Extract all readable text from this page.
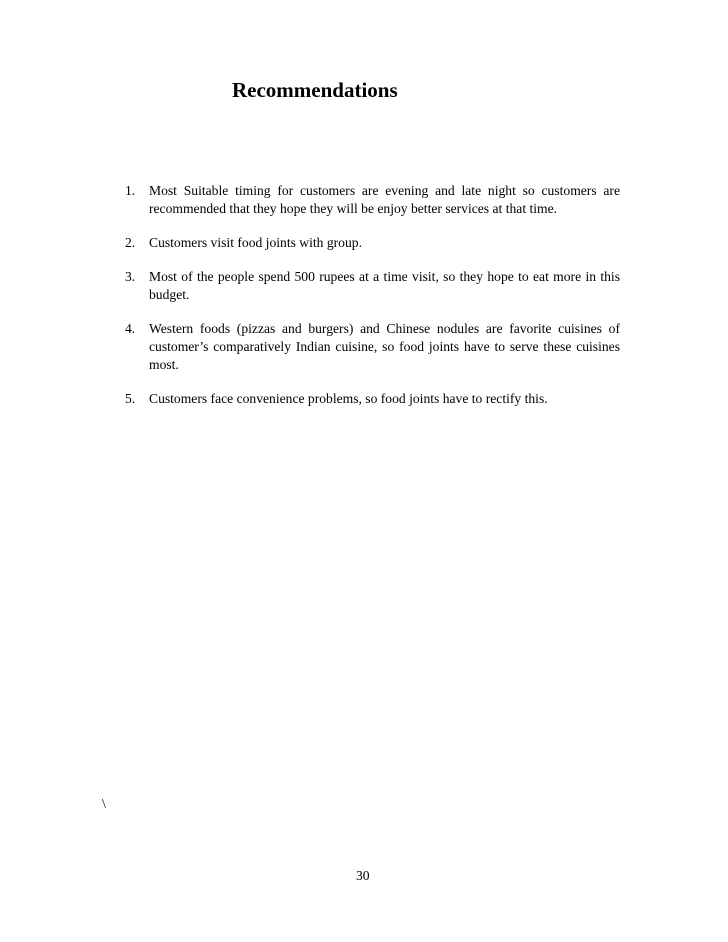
Recommendations
1.	Most Suitable timing for customers are evening and late night so customers are recommended that they hope they will be enjoy better services at that time.
2.	Customers visit food joints with group.
3.	Most of the people spend 500 rupees at a time visit, so they hope to eat more in this budget.
4.	Western foods (pizzas and burgers) and Chinese nodules are favorite cuisines of customer’s comparatively Indian cuisine, so food joints have to serve these cuisines most.
5.	Customers face convenience problems, so food joints have to rectify this.
\
30
